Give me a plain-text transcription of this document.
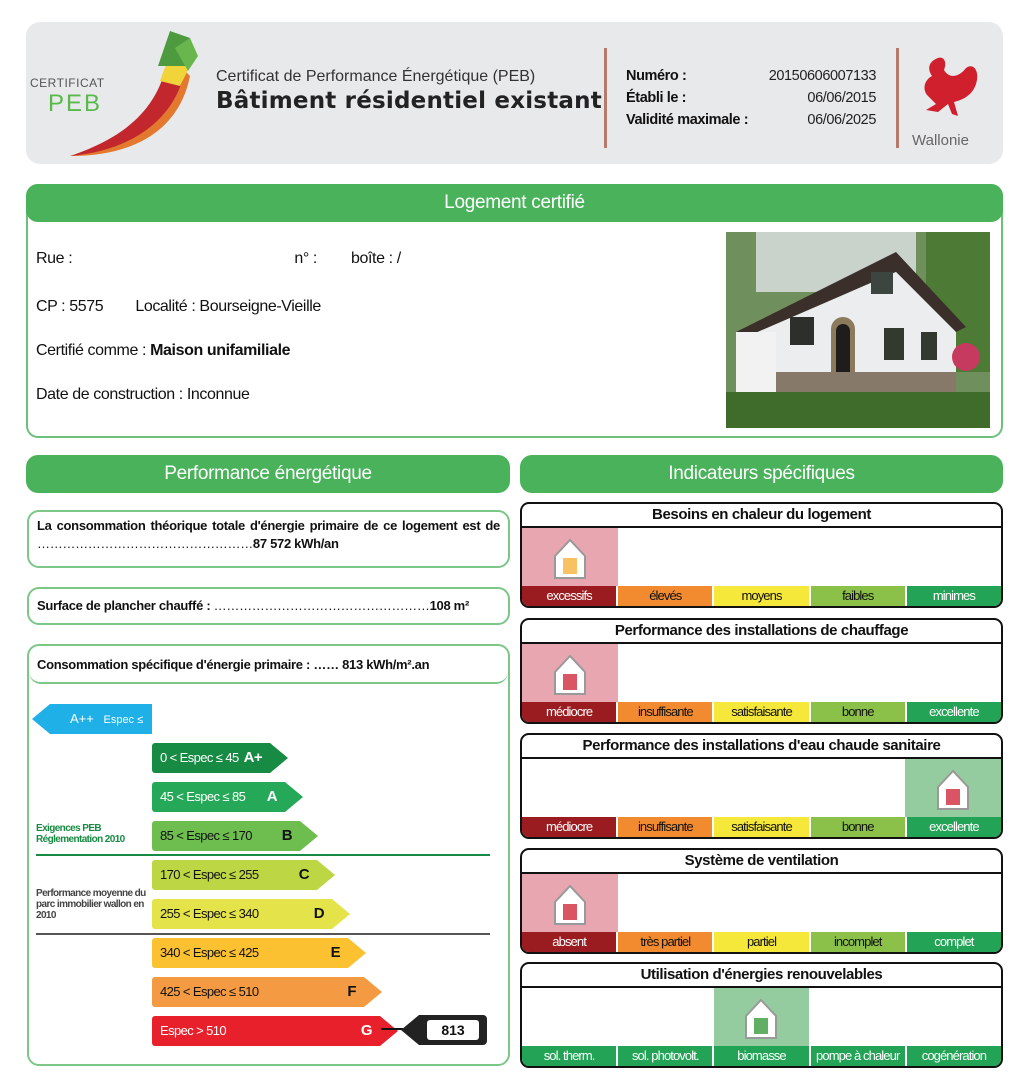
CERTIFICAT
PEB
Certificat de Performance Énergétique (PEB)
Bâtiment résidentiel existant
Numéro :	20150606007133
Établi le :	06/06/2015
Validité maximale :	06/06/2025
Wallonie
Logement certifié
Rue :	n° : boîte : /
CP : 5575 Localité : Bourseigne-Vieille
Certifié comme : Maison unifamiliale
Date de construction : Inconnue
Performance énergétique
La consommation théorique totale d'énergie primaire de ce logement est de ……………………………………………87 572 kWh/an
Surface de plancher chauffé : ……………………………………………108 m²
Consommation spécifique d'énergie primaire : …… 813 kWh/m².an
A++ Espec ≤ 0	0 < Espec ≤ 45 A+
45 < Espec ≤ 85 A
85 < Espec ≤ 170 B
170 < Espec ≤ 255	C
255 < Espec ≤ 340	D
340 < Espec ≤ 425	E
425 < Espec ≤ 510	F
Espec > 510	G
Exigences PEB Réglementation 2010
Performance moyenne du parc immobilier wallon en 2010
813
Indicateurs spécifiques
Besoins en chaleur du logement
excessifs	élevés	moyens	faibles	minimes
Performance des installations de chauffage
médiocre	insuffisante	satisfaisante	bonne	excellente
Performance des installations d'eau chaude sanitaire
médiocre	insuffisante	satisfaisante	bonne	excellente
Système de ventilation
absent	très partiel	partiel	incomplet	complet
Utilisation d'énergies renouvelables
sol. therm.	sol. photovolt.	biomasse	pompe à chaleur	cogénération
